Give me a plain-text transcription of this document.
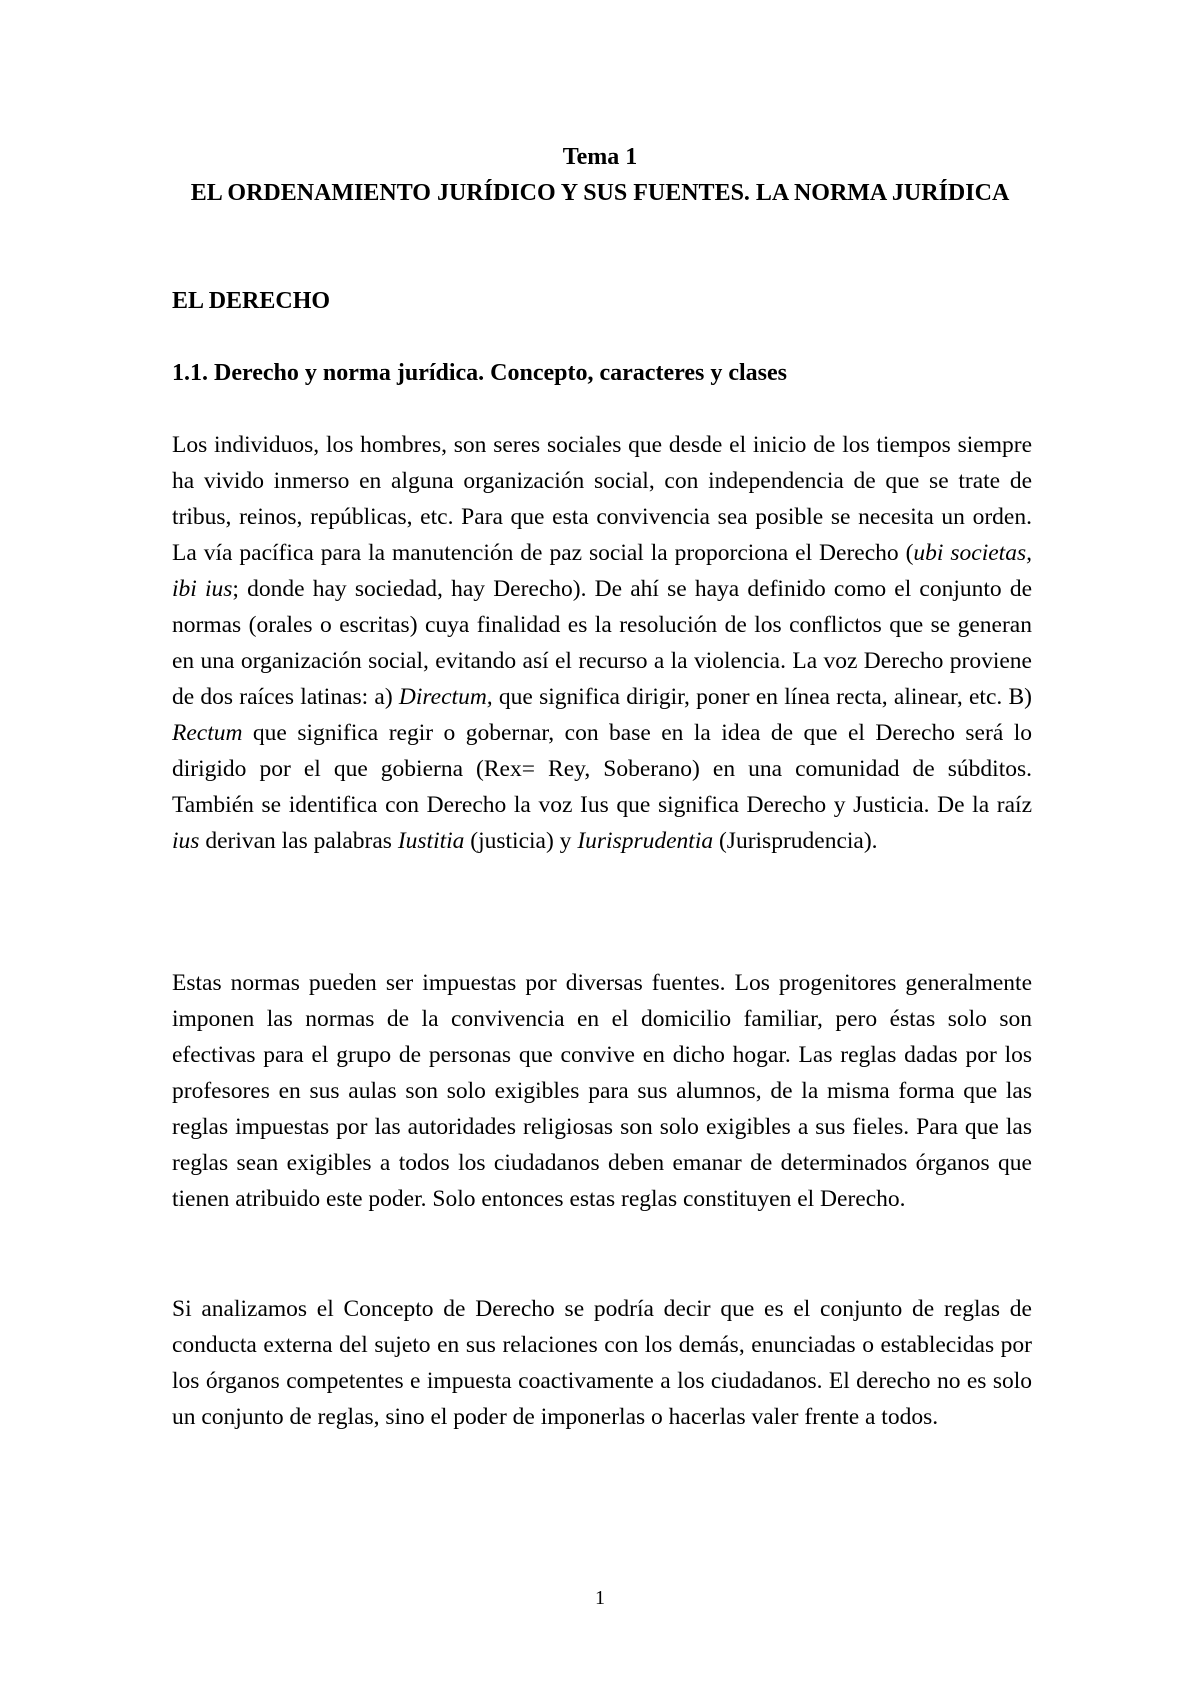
Tema 1
EL ORDENAMIENTO JURÍDICO Y SUS FUENTES. LA NORMA JURÍDICA
EL DERECHO
1.1. Derecho y norma jurídica. Concepto, caracteres y clases

Los individuos, los hombres, son seres sociales que desde el inicio de los tiempos siempre ha vivido inmerso en alguna organización social, con independencia de que se trate de tribus, reinos, repúblicas, etc. Para que esta convivencia sea posible se necesita un orden. La vía pacífica para la manutención de paz social la proporciona el Derecho (ubi societas, ibi ius; donde hay sociedad, hay Derecho). De ahí se haya definido como el conjunto de normas (orales o escritas) cuya finalidad es la resolución de los conflictos que se generan en una organización social, evitando así el recurso a la violencia. La voz Derecho proviene de dos raíces latinas: a) Directum, que significa dirigir, poner en línea recta, alinear, etc. B) Rectum que significa regir o gobernar, con base en la idea de que el Derecho será lo dirigido por el que gobierna (Rex= Rey, Soberano) en una comunidad de súbditos. También se identifica con Derecho la voz Ius que significa Derecho y Justicia. De la raíz ius derivan las palabras Iustitia (justicia) y Iurisprudentia (Jurisprudencia).

Estas normas pueden ser impuestas por diversas fuentes. Los progenitores generalmente imponen las normas de la convivencia en el domicilio familiar, pero éstas solo son efectivas para el grupo de personas que convive en dicho hogar. Las reglas dadas por los profesores en sus aulas son solo exigibles para sus alumnos, de la misma forma que las reglas impuestas por las autoridades religiosas son solo exigibles a sus fieles. Para que las reglas sean exigibles a todos los ciudadanos deben emanar de determinados órganos que tienen atribuido este poder. Solo entonces estas reglas constituyen el Derecho.

Si analizamos el Concepto de Derecho se podría decir que es el conjunto de reglas de conducta externa del sujeto en sus relaciones con los demás, enunciadas o establecidas por los órganos competentes e impuesta coactivamente a los ciudadanos. El derecho no es solo un conjunto de reglas, sino el poder de imponerlas o hacerlas valer frente a todos.

1
